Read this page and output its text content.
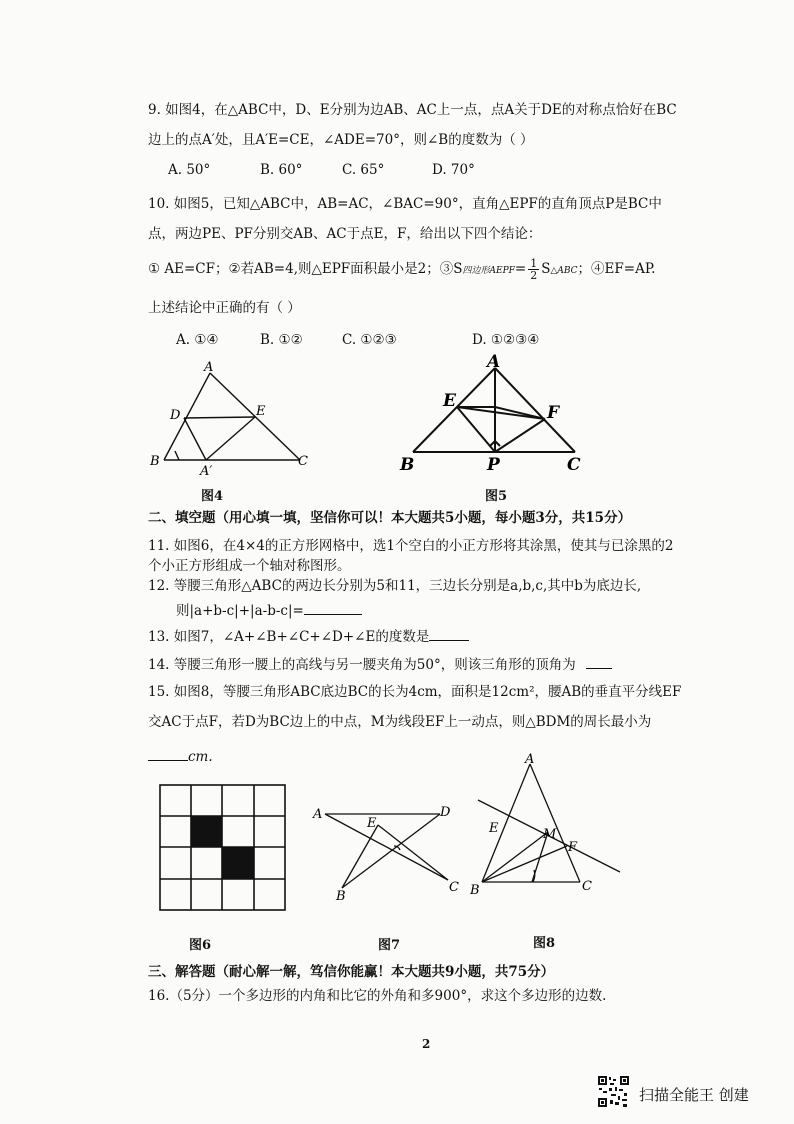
9. 如图4，在△ABC中，D、E分别为边AB、AC上一点，点A关于DE的对称点恰好在BC
边上的点A′处，且A′E=CE，∠ADE=70°，则∠B的度数为（ ）
A. 50°	B. 60°	C. 65°	D. 70°
10. 如图5，已知△ABC中，AB=AC，∠BAC=90°，直角△EPF的直角顶点P是BC中
点，两边PE、PF分别交AB、AC于点E，F，给出以下四个结论：
① AE=CF；②若AB=4,则△EPF面积最小是2；③S四边形AEPF= $\frac{1}{2}$ S△ABC；④EF=AP.
上述结论中正确的有（ ）
A. ①④	B. ①②	C. ①②③	D. ①②③④
A
D	E
B
A′
C
图4
A
E
F
B	P	C
图5
二、填空题（用心填一填，坚信你可以！本大题共5小题，每小题3分，共15分）
11. 如图6，在4×4的正方形网格中，选1个空白的小正方形将其涂黑，使其与已涂黑的2
个小正方形组成一个轴对称图形。
12. 等腰三角形△ABC的两边长分别为5和11，三边长分别是a,b,c,其中b为底边长,
则|a+b-c|+|a-b-c|=
13. 如图7，∠A+∠B+∠C+∠D+∠E的度数是
14. 等腰三角形一腰上的高线与另一腰夹角为50°，则该三角形的顶角为
15. 如图8，等腰三角形ABC底边BC的长为4cm，面积是12cm²，腰AB的垂直平分线EF
交AC于点F，若D为BC边上的中点，M为线段EF上一动点，则△BDM的周长最小为
cm.
图6
A	D
E
B
C
图7
A
E	M
F
B	C
图8
三、解答题（耐心解一解，笃信你能赢！本大题共9小题，共75分）
16.（5分）一个多边形的内角和比它的外角和多900°，求这个多边形的边数.
2
扫描全能王 创建
